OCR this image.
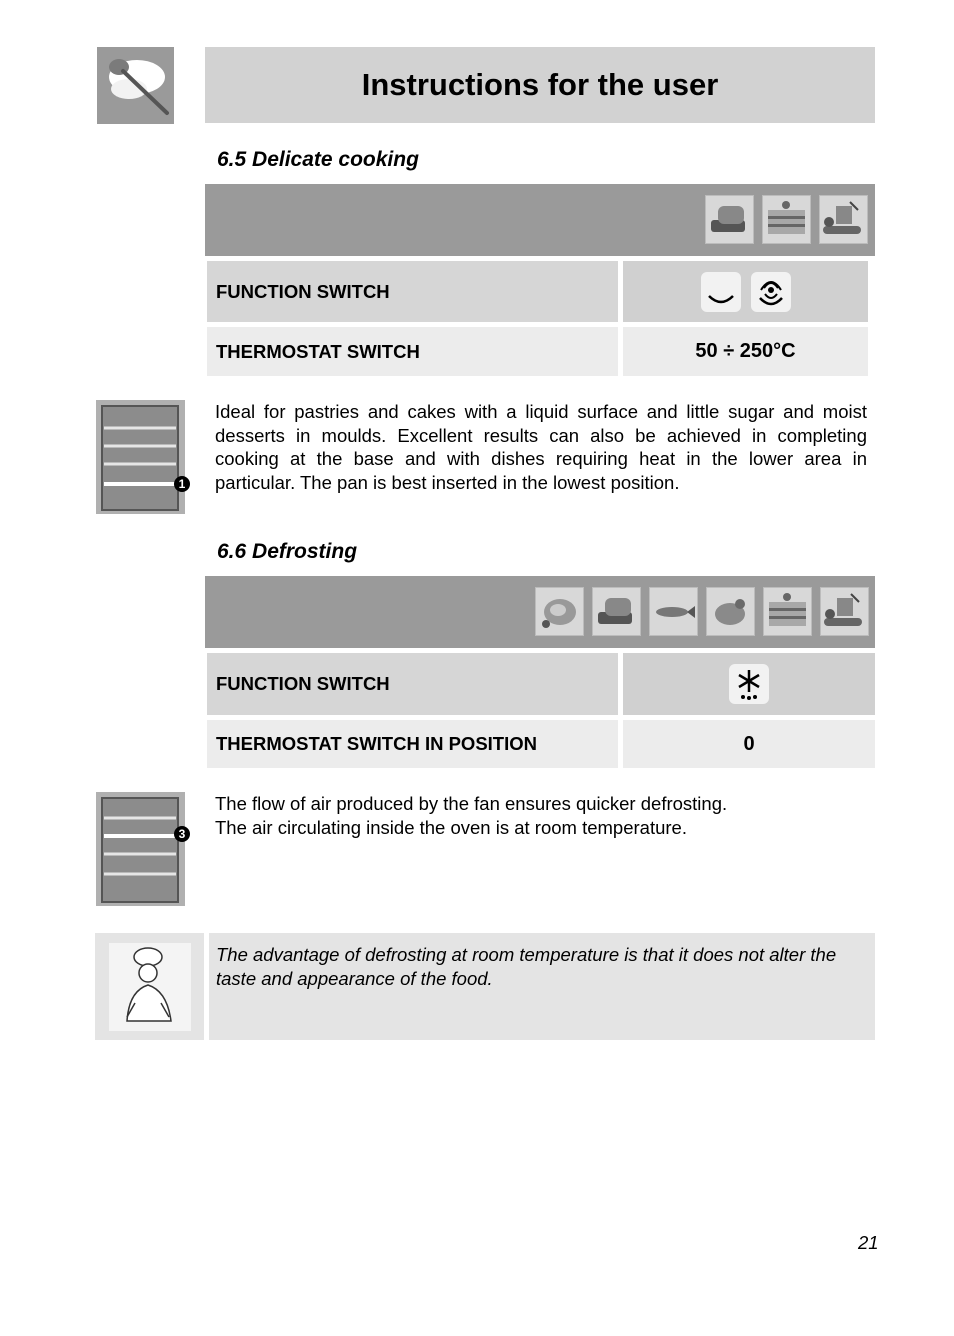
Instructions for the user
6.5 Delicate cooking
FUNCTION SWITCH
THERMOSTAT SWITCH	50 ÷ 250°C
1
Ideal for pastries and cakes with a liquid surface and little sugar and moist desserts in moulds. Excellent results can also be achieved in completing cooking at the base and with dishes requiring heat in the lower area in particular. The pan is best inserted in the lowest position.
6.6 Defrosting
FUNCTION SWITCH
THERMOSTAT SWITCH IN POSITION	0
3
The flow of air produced by the fan ensures quicker defrosting.
The air circulating inside the oven is at room temperature.
The advantage of defrosting at room temperature is that it does not alter the taste and appearance of the food.
21
